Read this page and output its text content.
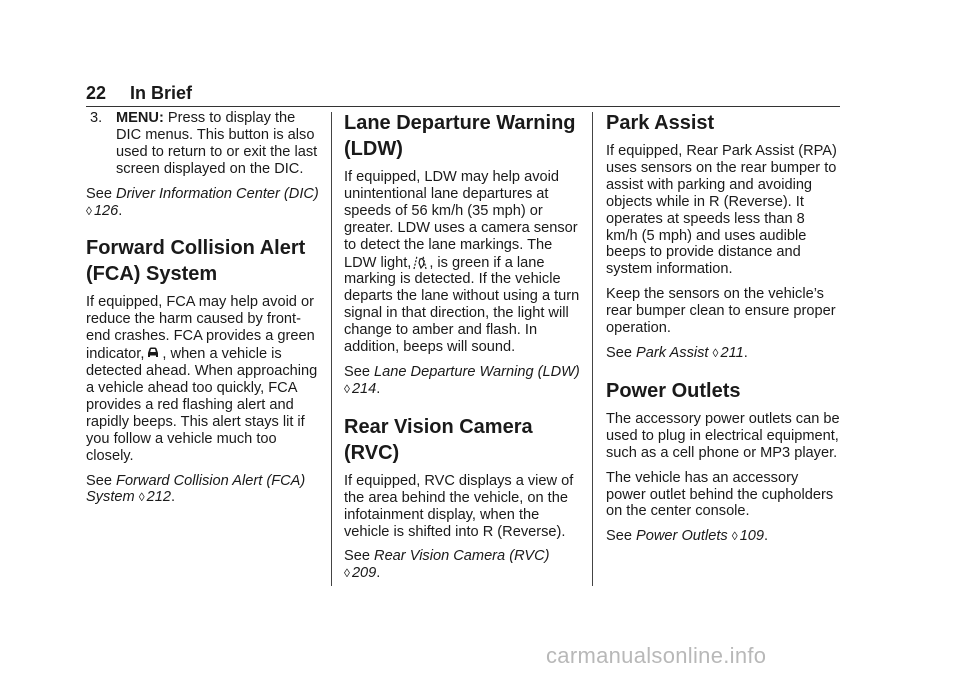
22 In Brief
3. MENU: Press to display the DIC menus. This button is also used to return to or exit the last screen displayed on the DIC.

See Driver Information Center (DIC)
◊ 126.

Forward Collision Alert (FCA) System

If equipped, FCA may help avoid or reduce the harm caused by front-end crashes. FCA provides a green indicator, , when a vehicle is detected ahead. When approaching a vehicle ahead too quickly, FCA provides a red flashing alert and rapidly beeps. This alert stays lit if you follow a vehicle much too closely.

See Forward Collision Alert (FCA) System ◊ 212.

Lane Departure Warning (LDW)

If equipped, LDW may help avoid unintentional lane departures at speeds of 56 km/h (35 mph) or greater. LDW uses a camera sensor to detect the lane markings. The LDW light, , is green if a lane marking is detected. If the vehicle departs the lane without using a turn signal in that direction, the light will change to amber and flash. In addition, beeps will sound.

See Lane Departure Warning (LDW)
◊ 214.

Rear Vision Camera (RVC)

If equipped, RVC displays a view of the area behind the vehicle, on the infotainment display, when the vehicle is shifted into R (Reverse).

See Rear Vision Camera (RVC)
◊ 209.

Park Assist

If equipped, Rear Park Assist (RPA) uses sensors on the rear bumper to assist with parking and avoiding objects while in R (Reverse). It operates at speeds less than 8 km/h (5 mph) and uses audible beeps to provide distance and system information.

Keep the sensors on the vehicle’s rear bumper clean to ensure proper operation.

See Park Assist ◊ 211.

Power Outlets

The accessory power outlets can be used to plug in electrical equipment, such as a cell phone or MP3 player.

The vehicle has an accessory power outlet behind the cupholders on the center console.

See Power Outlets ◊ 109.

carmanualsonline.info
